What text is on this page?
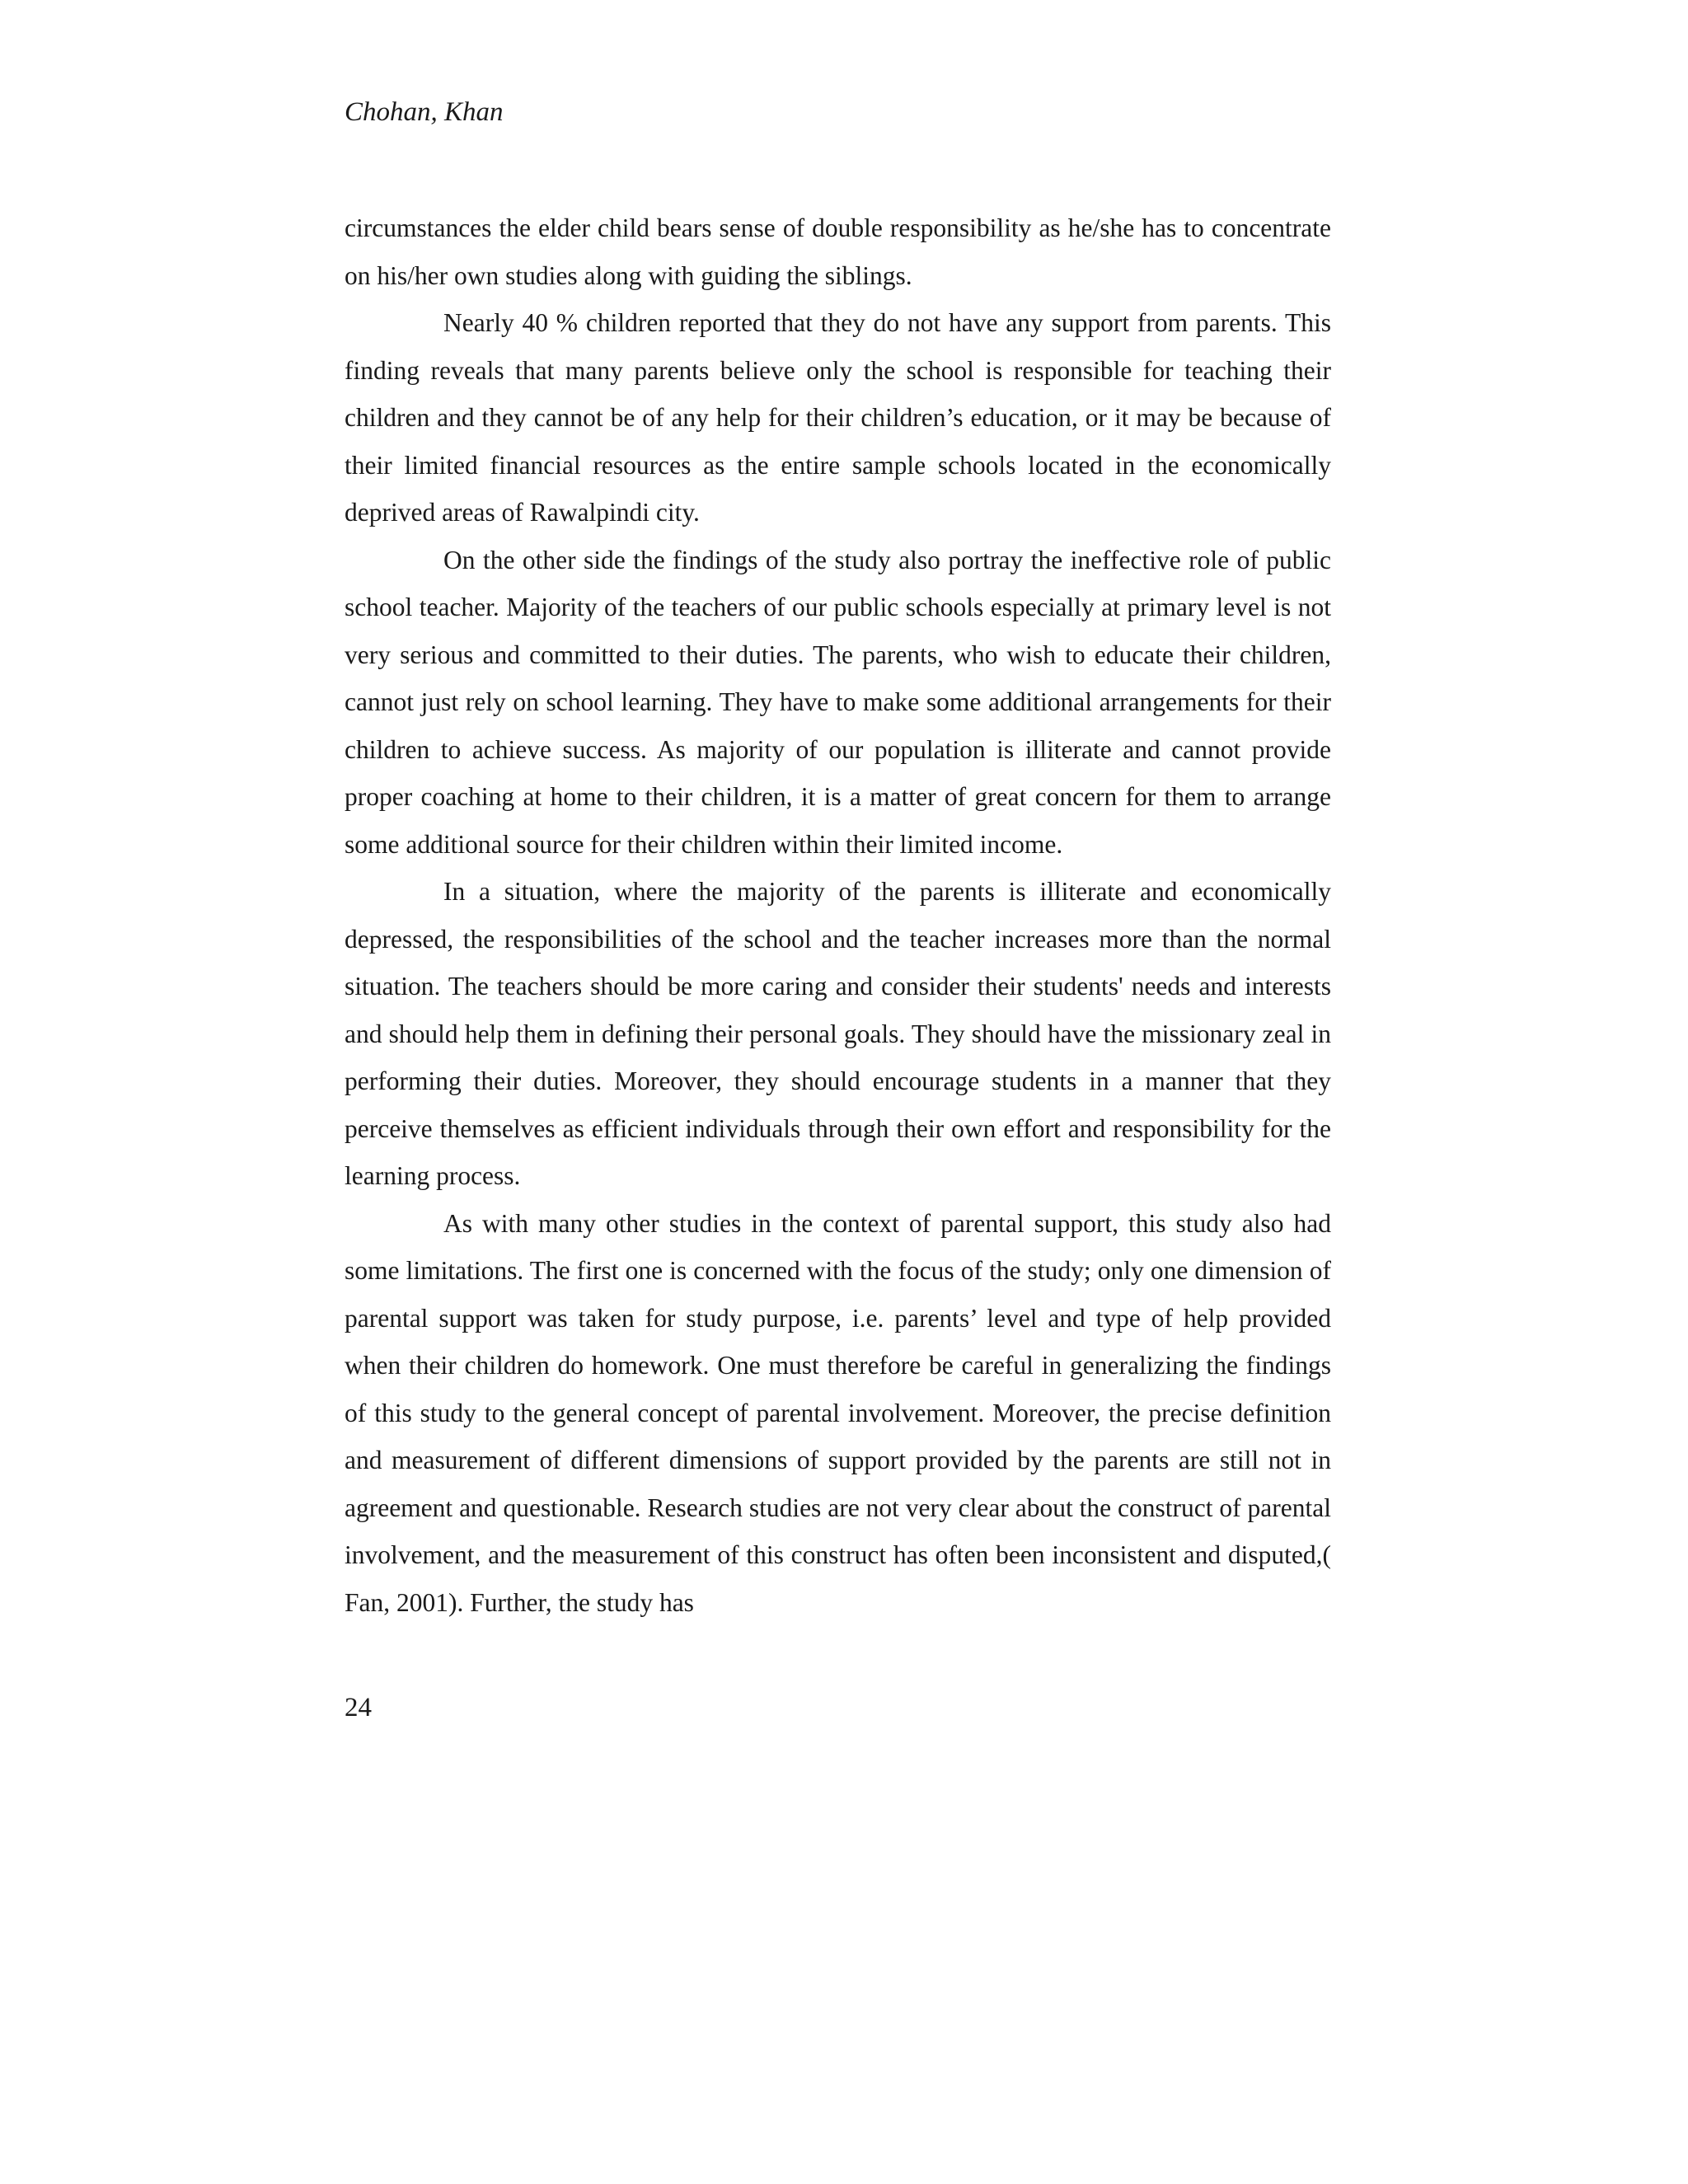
Chohan, Khan

circumstances the elder child bears sense of double responsibility as he/she has to concentrate on his/her own studies along with guiding the siblings.

Nearly 40 % children reported that they do not have any support from parents. This finding reveals that many parents believe only the school is responsible for teaching their children and they cannot be of any help for their children’s education, or it may be because of their limited financial resources as the entire sample schools located in the economically deprived areas of Rawalpindi city.

On the other side the findings of the study also portray the ineffective role of public school teacher. Majority of the teachers of our public schools especially at primary level is not very serious and committed to their duties. The parents, who wish to educate their children, cannot just rely on school learning. They have to make some additional arrangements for their children to achieve success. As majority of our population is illiterate and cannot provide proper coaching at home to their children, it is a matter of great concern for them to arrange some additional source for their children within their limited income.

In a situation, where the majority of the parents is illiterate and economically depressed, the responsibilities of the school and the teacher increases more than the normal situation. The teachers should be more caring and consider their students' needs and interests and should help them in defining their personal goals. They should have the missionary zeal in performing their duties. Moreover, they should encourage students in a manner that they perceive themselves as efficient individuals through their own effort and responsibility for the learning process.

As with many other studies in the context of parental support, this study also had some limitations. The first one is concerned with the focus of the study; only one dimension of parental support was taken for study purpose, i.e. parents’ level and type of help provided when their children do homework. One must therefore be careful in generalizing the findings of this study to the general concept of parental involvement. Moreover, the precise definition and measurement of different dimensions of support provided by the parents are still not in agreement and questionable. Research studies are not very clear about the construct of parental involvement, and the measurement of this construct has often been inconsistent and disputed,( Fan, 2001). Further, the study has

24
